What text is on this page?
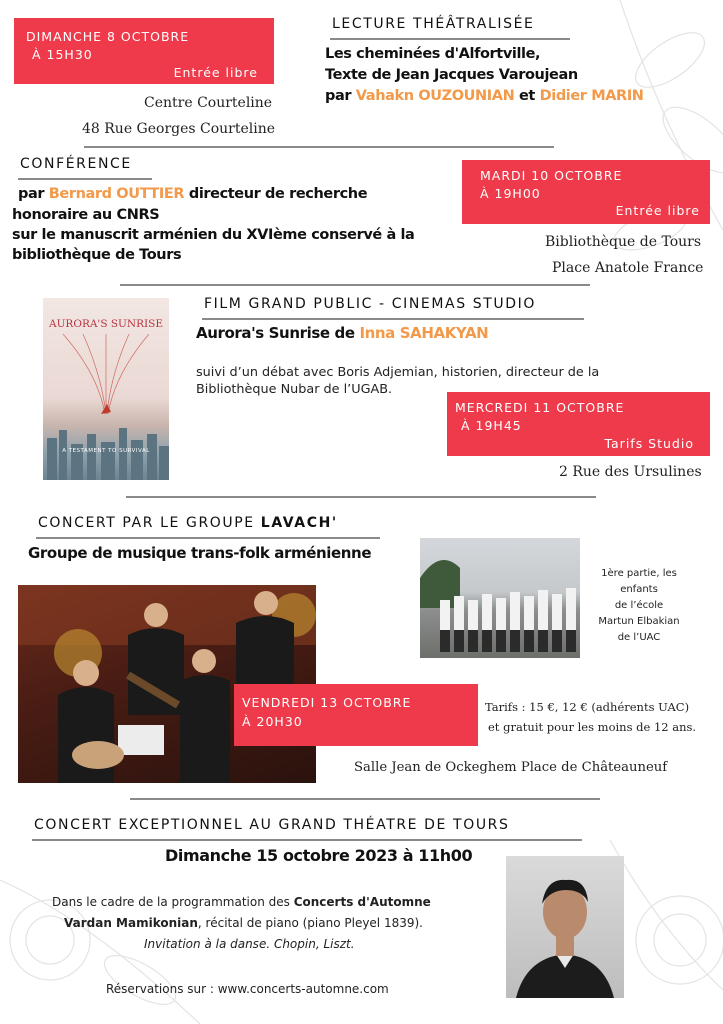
DIMANCHE 8 OCTOBRE
À 15H30
Entrée libre
LECTURE THÉÂTRALISÉE
Les cheminées d'Alfortville,
Texte de Jean Jacques Varoujean
par Vahakn OUZOUNIAN et Didier MARIN
Centre Courteline
48 Rue Georges Courteline
CONFÉRENCE
par Bernard OUTTIER directeur de recherche
honoraire au CNRS
sur le manuscrit arménien du XVIème conservé à la
bibliothèque de Tours
MARDI 10 OCTOBRE
À 19H00
Entrée libre
Bibliothèque de Tours
Place Anatole France
AURORA'S SUNRISE
A TESTAMENT TO SURVIVAL
FILM GRAND PUBLIC - CINEMAS STUDIO
Aurora's Sunrise de Inna SAHAKYAN
suivi d’un débat avec Boris Adjemian, historien, directeur de la
Bibliothèque Nubar de l’UGAB.
MERCREDI 11 OCTOBRE
À 19H45
Tarifs Studio
2 Rue des Ursulines
CONCERT PAR LE GROUPE LAVACH'
Groupe de musique trans-folk arménienne
VENDREDI 13 OCTOBRE
À 20H30
1ère partie, les enfants
de l’école
Martun Elbakian
de l’UAC
Tarifs : 15 €, 12 € (adhérents UAC)
et gratuit pour les moins de 12 ans.
Salle Jean de Ockeghem Place de Châteauneuf
CONCERT EXCEPTIONNEL AU GRAND THÉATRE DE TOURS
Dimanche 15 octobre 2023 à 11h00
Dans le cadre de la programmation des Concerts d'Automne
Vardan Mamikonian, récital de piano (piano Pleyel 1839).
Invitation à la danse. Chopin, Liszt.
Réservations sur : www.concerts-automne.com
